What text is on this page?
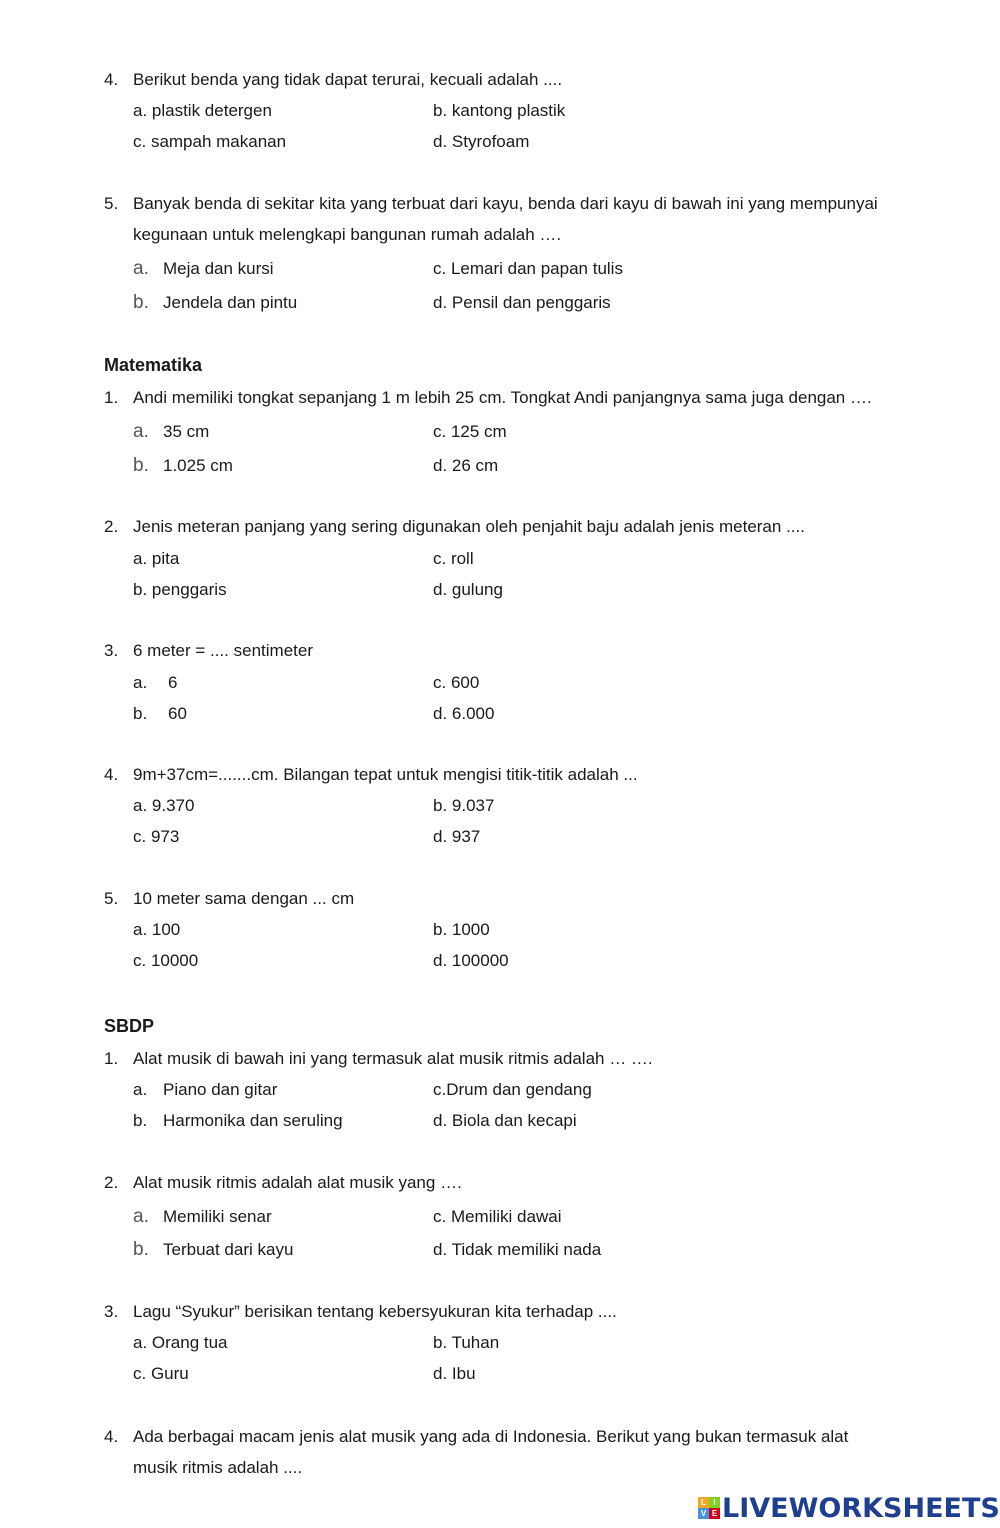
4. Berikut benda yang tidak dapat terurai, kecuali adalah ....
a. plastik detergen	b. kantong plastik
c. sampah makanan	d. Styrofoam
5. Banyak benda di sekitar kita yang terbuat dari kayu, benda dari kayu di bawah ini yang mempunyai
kegunaan untuk melengkapi bangunan rumah adalah ….
a. Meja dan kursi	c. Lemari dan papan tulis
b. Jendela dan pintu	d. Pensil dan penggaris
Matematika
1. Andi memiliki tongkat sepanjang 1 m lebih 25 cm. Tongkat Andi panjangnya sama juga dengan ….
a. 35 cm	c. 125 cm
b. 1.025 cm	d. 26 cm
2. Jenis meteran panjang yang sering digunakan oleh penjahit baju adalah jenis meteran ....
a. pita	c. roll
b. penggaris	d. gulung
3. 6 meter = .... sentimeter
a. 6	c. 600
b. 60	d. 6.000
4. 9m+37cm=.......cm. Bilangan tepat untuk mengisi titik-titik adalah ...
a. 9.370	b. 9.037
c. 973	d. 937
5. 10 meter sama dengan ... cm
a. 100	b. 1000
c. 10000	d. 100000
SBDP
1. Alat musik di bawah ini yang termasuk alat musik ritmis adalah … ….
a. Piano dan gitar	c.Drum dan gendang
b. Harmonika dan seruling	d. Biola dan kecapi
2. Alat musik ritmis adalah alat musik yang ….
a. Memiliki senar	c. Memiliki dawai
b. Terbuat dari kayu	d. Tidak memiliki nada
3. Lagu “Syukur” berisikan tentang kebersyukuran kita terhadap ....
a. Orang tua	b. Tuhan
c. Guru	d. Ibu
4. Ada berbagai macam jenis alat musik yang ada di Indonesia. Berikut yang bukan termasuk alat
musik ritmis adalah ....
L I
V E LIVEWORKSHEETS
